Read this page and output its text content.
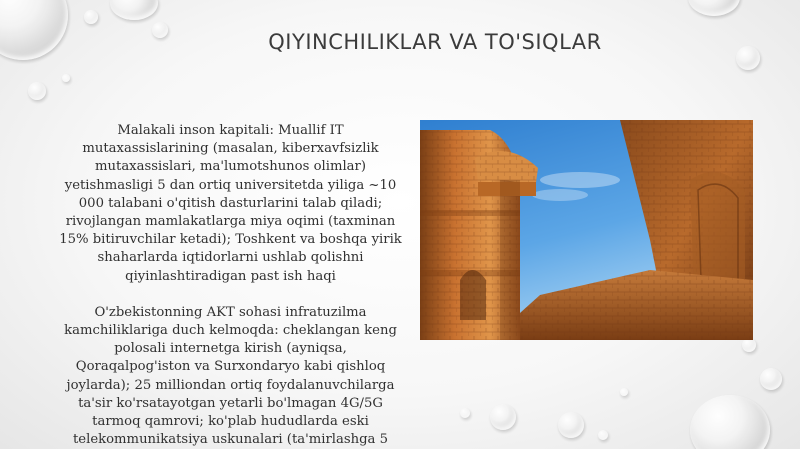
QIYINCHILIKLAR VA TO'SIQLAR

Malakali inson kapitali: Muallif IT mutaxassislarining (masalan, kiberxavfsizlik mutaxassislari, ma'lumotshunos olimlar) yetishmasligi 5 dan ortiq universitetda yiliga ~10 000 talabani o'qitish dasturlarini talab qiladi; rivojlangan mamlakatlarga miya oqimi (taxminan 15% bitiruvchilar ketadi); Toshkent va boshqa yirik shaharlarda iqtidorlarni ushlab qolishni qiyinlashtiradigan past ish haqi

O'zbekistonning AKT sohasi infratuzilma kamchiliklariga duch kelmoqda: cheklangan keng polosali internetga kirish (ayniqsa, Qoraqalpog'iston va Surxondaryo kabi qishloq joylarda); 25 milliondan ortiq foydalanuvchilarga ta'sir ko'rsatayotgan yetarli bo'lmagan 4G/5G tarmoq qamrovi; ko'plab hududlarda eski telekommunikatsiya uskunalari (ta'mirlashga 5
